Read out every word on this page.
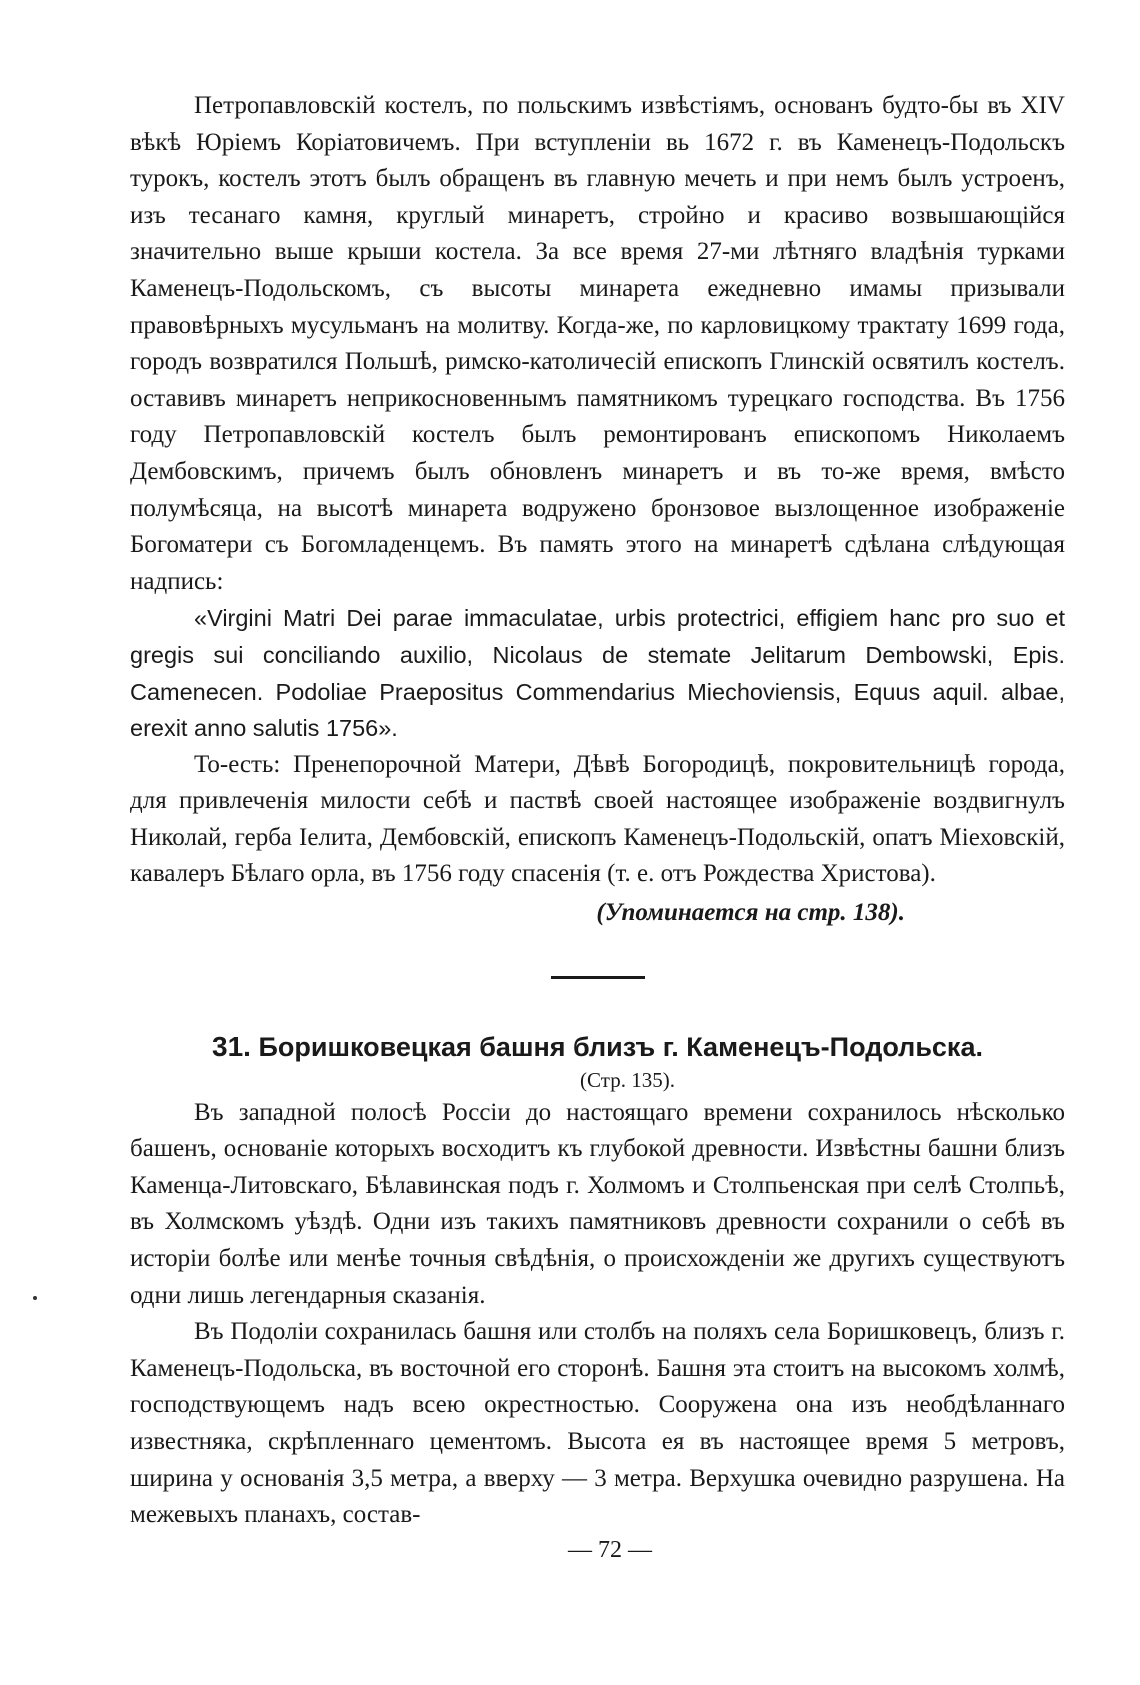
Петропавловскій костелъ, по польскимъ извѣстіямъ, основанъ будто-бы въ XIV вѣкѣ Юріемъ Коріатовичемъ. При вступленіи вь 1672 г. въ Каменецъ-Подольскъ турокъ, костелъ этотъ былъ обращенъ въ главную мечеть и при немъ былъ устроенъ, изъ тесанаго камня, круглый минаретъ, стройно и красиво возвышающійся значительно выше крыши костела. За все время 27-ми лѣтняго владѣнія турками Каменецъ-Подольскомъ, съ высоты минарета ежедневно имамы призывали правовѣрныхъ мусульманъ на молитву. Когда-же, по карловицкому трактату 1699 года, городъ возвратился Польшѣ, римско-католичесій епископъ Глинскій освятилъ костелъ. оставивъ минаретъ неприкосновеннымъ памятникомъ турецкаго господства. Въ 1756 году Петропавловскій костелъ былъ ремонтированъ епископомъ Николаемъ Дембовскимъ, причемъ былъ обновленъ минаретъ и въ то-же время, вмѣсто полумѣсяца, на высотѣ минарета водружено бронзовое вызлощенное изображеніе Богоматери съ Богомладенцемъ. Въ память этого на минаретѣ сдѣлана слѣдующая надпись:

«Virgini Matri Dei parae immaculatae, urbis protectrici, effigiem hanc pro suo et gregis sui conciliando auxilio, Nicolaus de stemate Jelitarum Dembowski, Epis. Camenecen. Podoliae Praepositus Commendarius Miechoviensis, Equus aquil. albae, erexit anno salutis 1756».

То-есть: Пренепорочной Матери, Дѣвѣ Богородицѣ, покровительницѣ города, для привлеченія милости себѣ и паствѣ своей настоящее изображеніе воздвигнулъ Николай, герба Іелита, Дембовскій, епископъ Каменецъ-Подольскій, опатъ Міеховскій, кавалеръ Бѣлаго орла, въ 1756 году спасенія (т. е. отъ Рождества Христова).

(Упоминается на стр. 138).

31. Боришковецкая башня близъ г. Каменецъ-Подольска.

(Стр. 135).

Въ западной полосѣ Россіи до настоящаго времени сохранилось нѣсколько башенъ, основаніе которыхъ восходитъ къ глубокой древности. Извѣстны башни близъ Каменца-Литовскаго, Бѣлавинская подъ г. Холмомъ и Столпьенская при селѣ Столпьѣ, въ Холмскомъ уѣздѣ. Одни изъ такихъ памятниковъ древности сохранили о себѣ въ исторіи болѣе или менѣе точныя свѣдѣнія, о происхожденіи же другихъ существуютъ одни лишь легендарныя сказанія.

Въ Подоліи сохранилась башня или столбъ на поляхъ села Боришковецъ, близъ г. Каменецъ-Подольска, въ восточной его сторонѣ. Башня эта стоитъ на высокомъ холмѣ, господствующемъ надъ всею окрестностью. Сооружена она изъ необдѣланнаго известняка, скрѣпленнаго цементомъ. Высота ея въ настоящее время 5 метровъ, ширина у основанія 3,5 метра, а вверху — 3 метра. Верхушка очевидно разрушена. На межевыхъ планахъ, состав-

— 72 —
